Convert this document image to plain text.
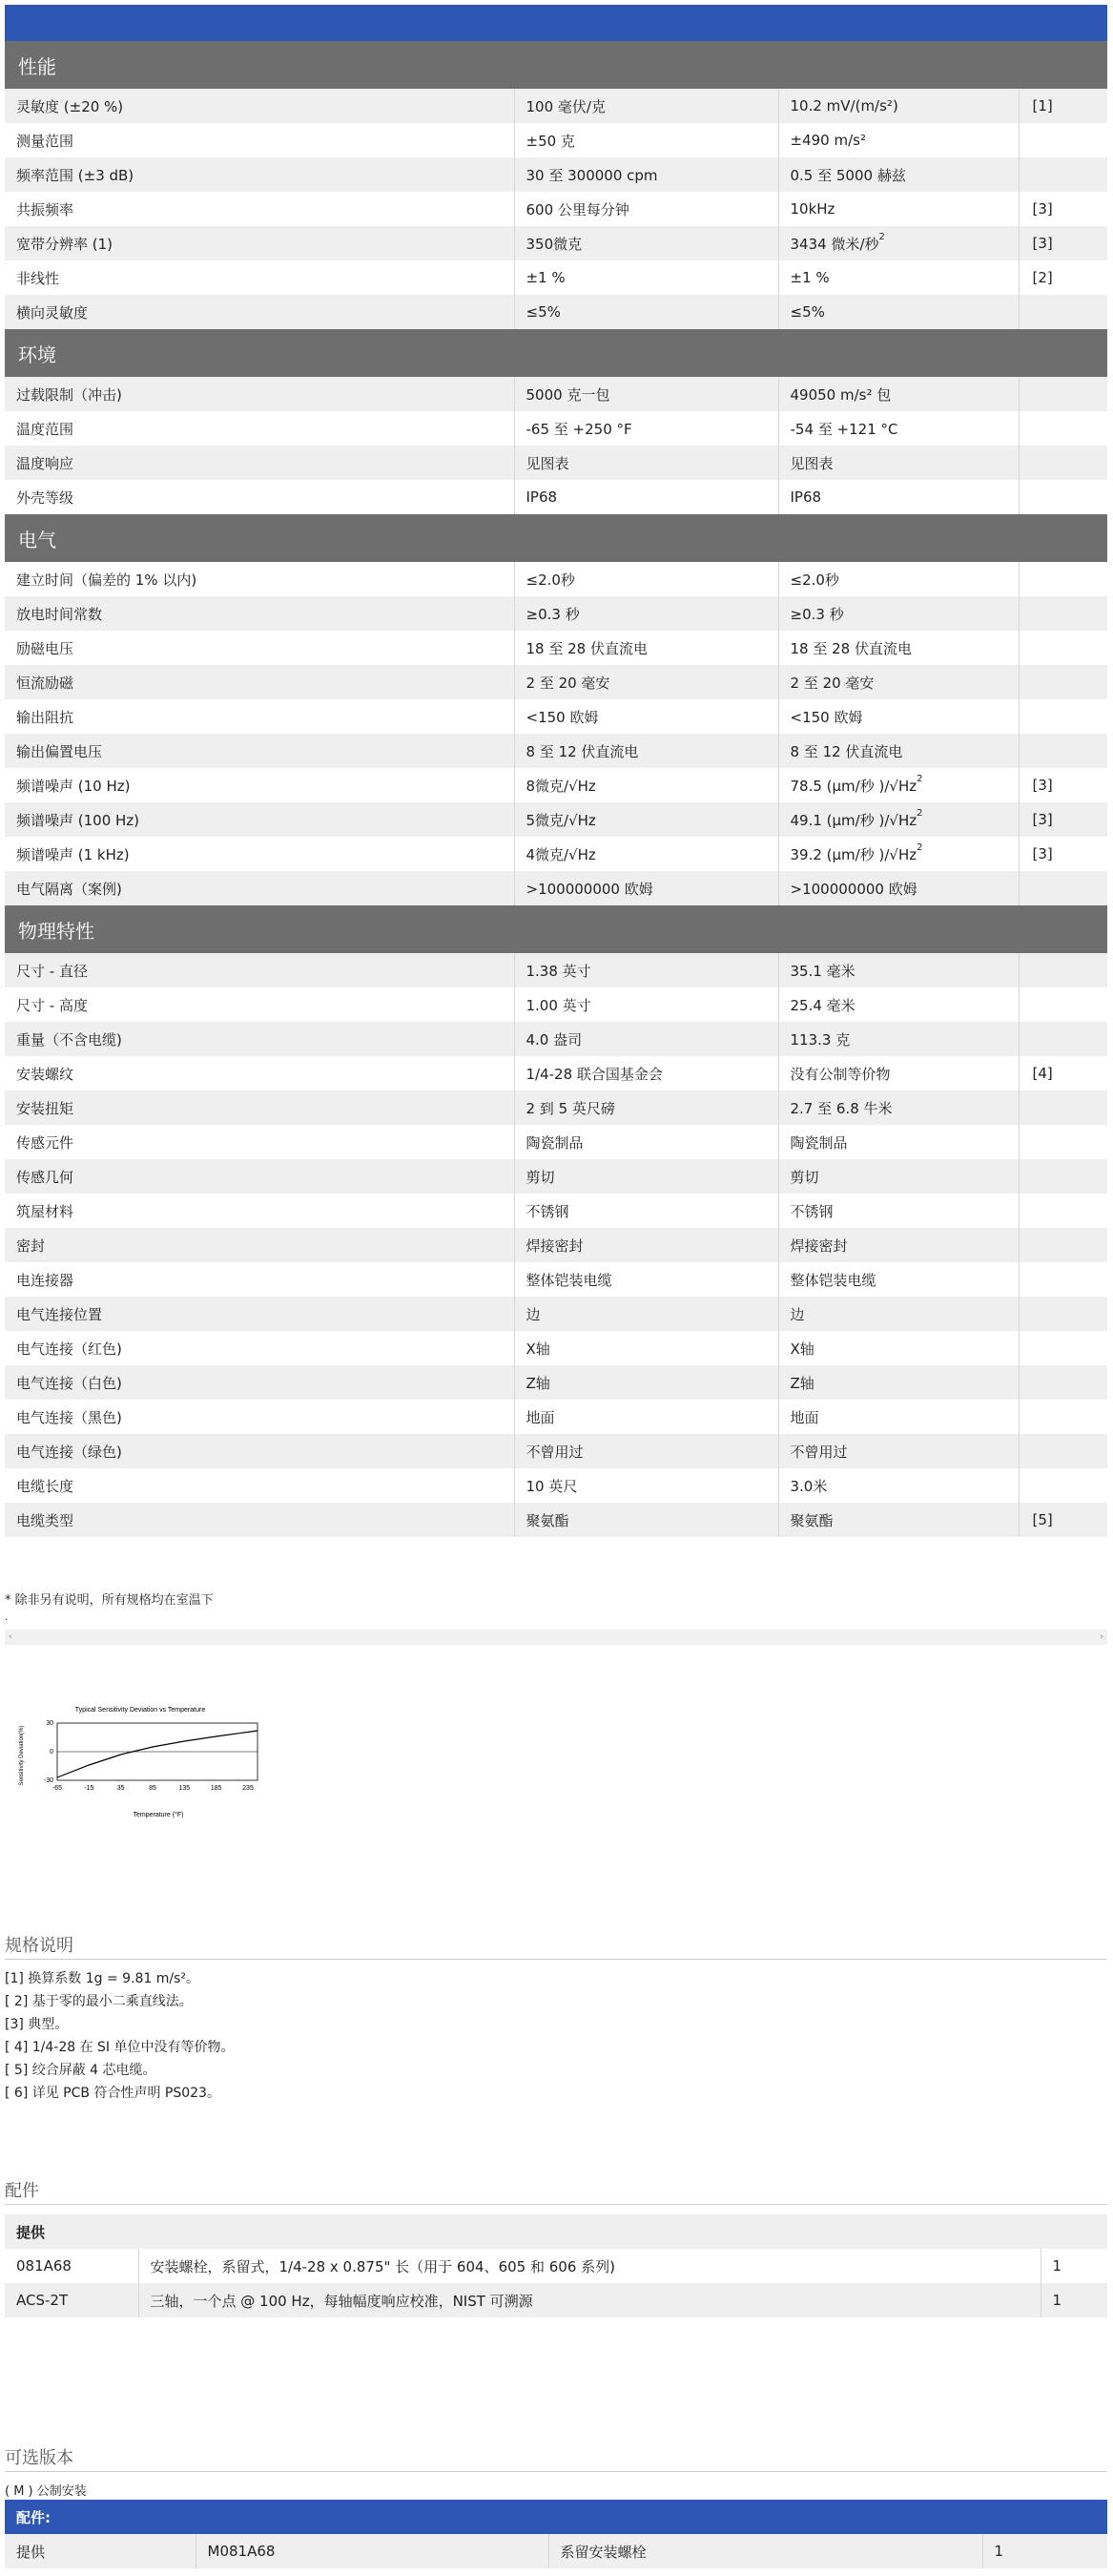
性能			
灵敏度 (±20 %)	100 毫伏/克	10.2 mV/(m/s²)	[1]
测量范围	±50 克	±490 m/s²	
频率范围 (±3 dB)	30 至 300000 cpm	0.5 至 5000 赫兹	
共振频率	600 公里每分钟	10kHz	[3]
宽带分辨率 (1)	350微克	3434 微米/秒$^2$	[3]
非线性	±1 %	±1 %	[2]
横向灵敏度	≤5%	≤5%	
环境			
过载限制（冲击)	5000 克一包	49050 m/s² 包	
温度范围	-65 至 +250 °F	-54 至 +121 °C	
温度响应	见图表	见图表	
外壳等级	IP68	IP68	
电气			
建立时间（偏差的 1% 以内)	≤2.0秒	≤2.0秒	
放电时间常数	≥0.3 秒	≥0.3 秒	
励磁电压	18 至 28 伏直流电	18 至 28 伏直流电	
恒流励磁	2 至 20 毫安	2 至 20 毫安	
输出阻抗	<150 欧姆	<150 欧姆	
输出偏置电压	8 至 12 伏直流电	8 至 12 伏直流电	
频谱噪声 (10 Hz)	8微克/√Hz	78.5 (μm/秒 )/√Hz$^2$	[3]
频谱噪声 (100 Hz)	5微克/√Hz	49.1 (μm/秒 )/√Hz$^2$	[3]
频谱噪声 (1 kHz)	4微克/√Hz	39.2 (μm/秒 )/√Hz$^2$	[3]
电气隔离（案例)	>100000000 欧姆	>100000000 欧姆	
物理特性			
尺寸 - 直径	1.38 英寸	35.1 毫米	
尺寸 - 高度	1.00 英寸	25.4 毫米	
重量（不含电缆)	4.0 盎司	113.3 克	
安装螺纹	1/4-28 联合国基金会	没有公制等价物	[4]
安装扭矩	2 到 5 英尺磅	2.7 至 6.8 牛米	
传感元件	陶瓷制品	陶瓷制品	
传感几何	剪切	剪切	
筑屋材料	不锈钢	不锈钢	
密封	焊接密封	焊接密封	
电连接器	整体铠装电缆	整体铠装电缆	
电气连接位置	边	边	
电气连接（红色)	X轴	X轴	
电气连接（白色)	Z轴	Z轴	
电气连接（黑色)	地面	地面	
电气连接（绿色)	不曾用过	不曾用过	
电缆长度	10 英尺	3.0米	
电缆类型	聚氨酯	聚氨酯	[5]
* 除非另有说明，所有规格均在室温下
.
‹	›
Typical Sensitivity Deviation vs Temperature
Sensitivity Deviation(%)
Temperature (°F)
30
0
-30
-65	-15	35	85	135	185	235
规格说明
[1] 换算系数 1g = 9.81 m/s²。
[ 2] 基于零的最小二乘直线法。
[3] 典型。
[ 4] 1/4-28 在 SI 单位中没有等价物。
[ 5] 绞合屏蔽 4 芯电缆。
[ 6] 详见 PCB 符合性声明 PS023。
配件
提供		
081A68	安装螺栓，系留式，1/4-28 x 0.875" 长（用于 604、605 和 606 系列)	1
ACS-2T	三轴，一个点 @ 100 Hz，每轴幅度响应校准，NIST 可溯源	1
可选版本
( M ) 公制安装
配件:
提供	M081A68	系留安装螺栓	1
